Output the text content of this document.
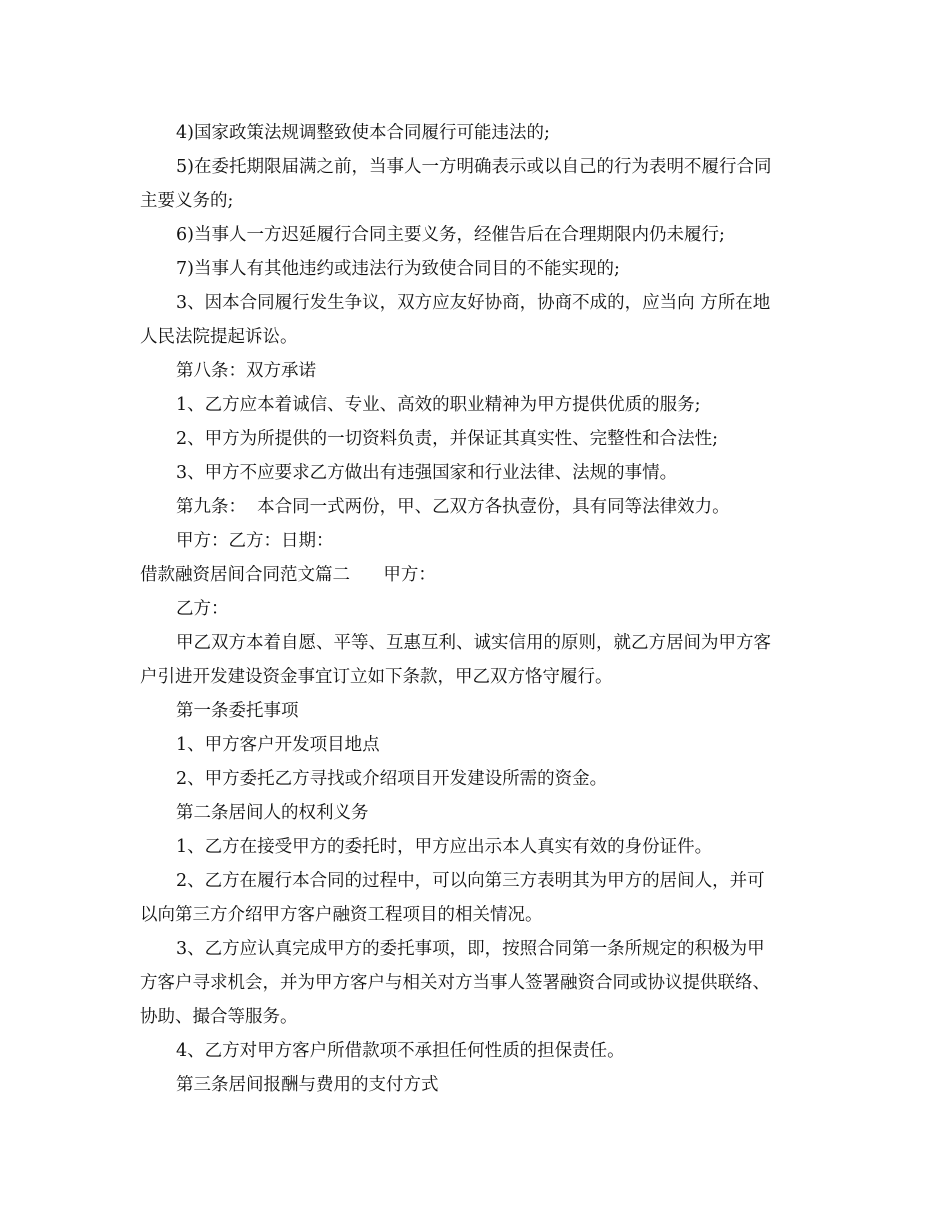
4)国家政策法规调整致使本合同履行可能违法的;
5)在委托期限届满之前，当事人一方明确表示或以自己的行为表明不履行合同
主要义务的;
6)当事人一方迟延履行合同主要义务，经催告后在合理期限内仍未履行;
7)当事人有其他违约或违法行为致使合同目的不能实现的;
3、因本合同履行发生争议，双方应友好协商，协商不成的，应当向 方所在地
人民法院提起诉讼。
第八条：双方承诺
1、乙方应本着诚信、专业、高效的职业精神为甲方提供优质的服务;
2、甲方为所提供的一切资料负责，并保证其真实性、完整性和合法性;
3、甲方不应要求乙方做出有违强国家和行业法律、法规的事情。
第九条：  本合同一式两份，甲、乙双方各执壹份，具有同等法律效力。
甲方：乙方：日期：
借款融资居间合同范文篇二      甲方：
乙方：
甲乙双方本着自愿、平等、互惠互利、诚实信用的原则，就乙方居间为甲方客
户引进开发建设资金事宜订立如下条款，甲乙双方恪守履行。
第一条委托事项
1、甲方客户开发项目地点
2、甲方委托乙方寻找或介绍项目开发建设所需的资金。
第二条居间人的权利义务
1、乙方在接受甲方的委托时，甲方应出示本人真实有效的身份证件。
2、乙方在履行本合同的过程中，可以向第三方表明其为甲方的居间人，并可
以向第三方介绍甲方客户融资工程项目的相关情况。
3、乙方应认真完成甲方的委托事项，即，按照合同第一条所规定的积极为甲
方客户寻求机会，并为甲方客户与相关对方当事人签署融资合同或协议提供联络、
协助、撮合等服务。
4、乙方对甲方客户所借款项不承担任何性质的担保责任。
第三条居间报酬与费用的支付方式
